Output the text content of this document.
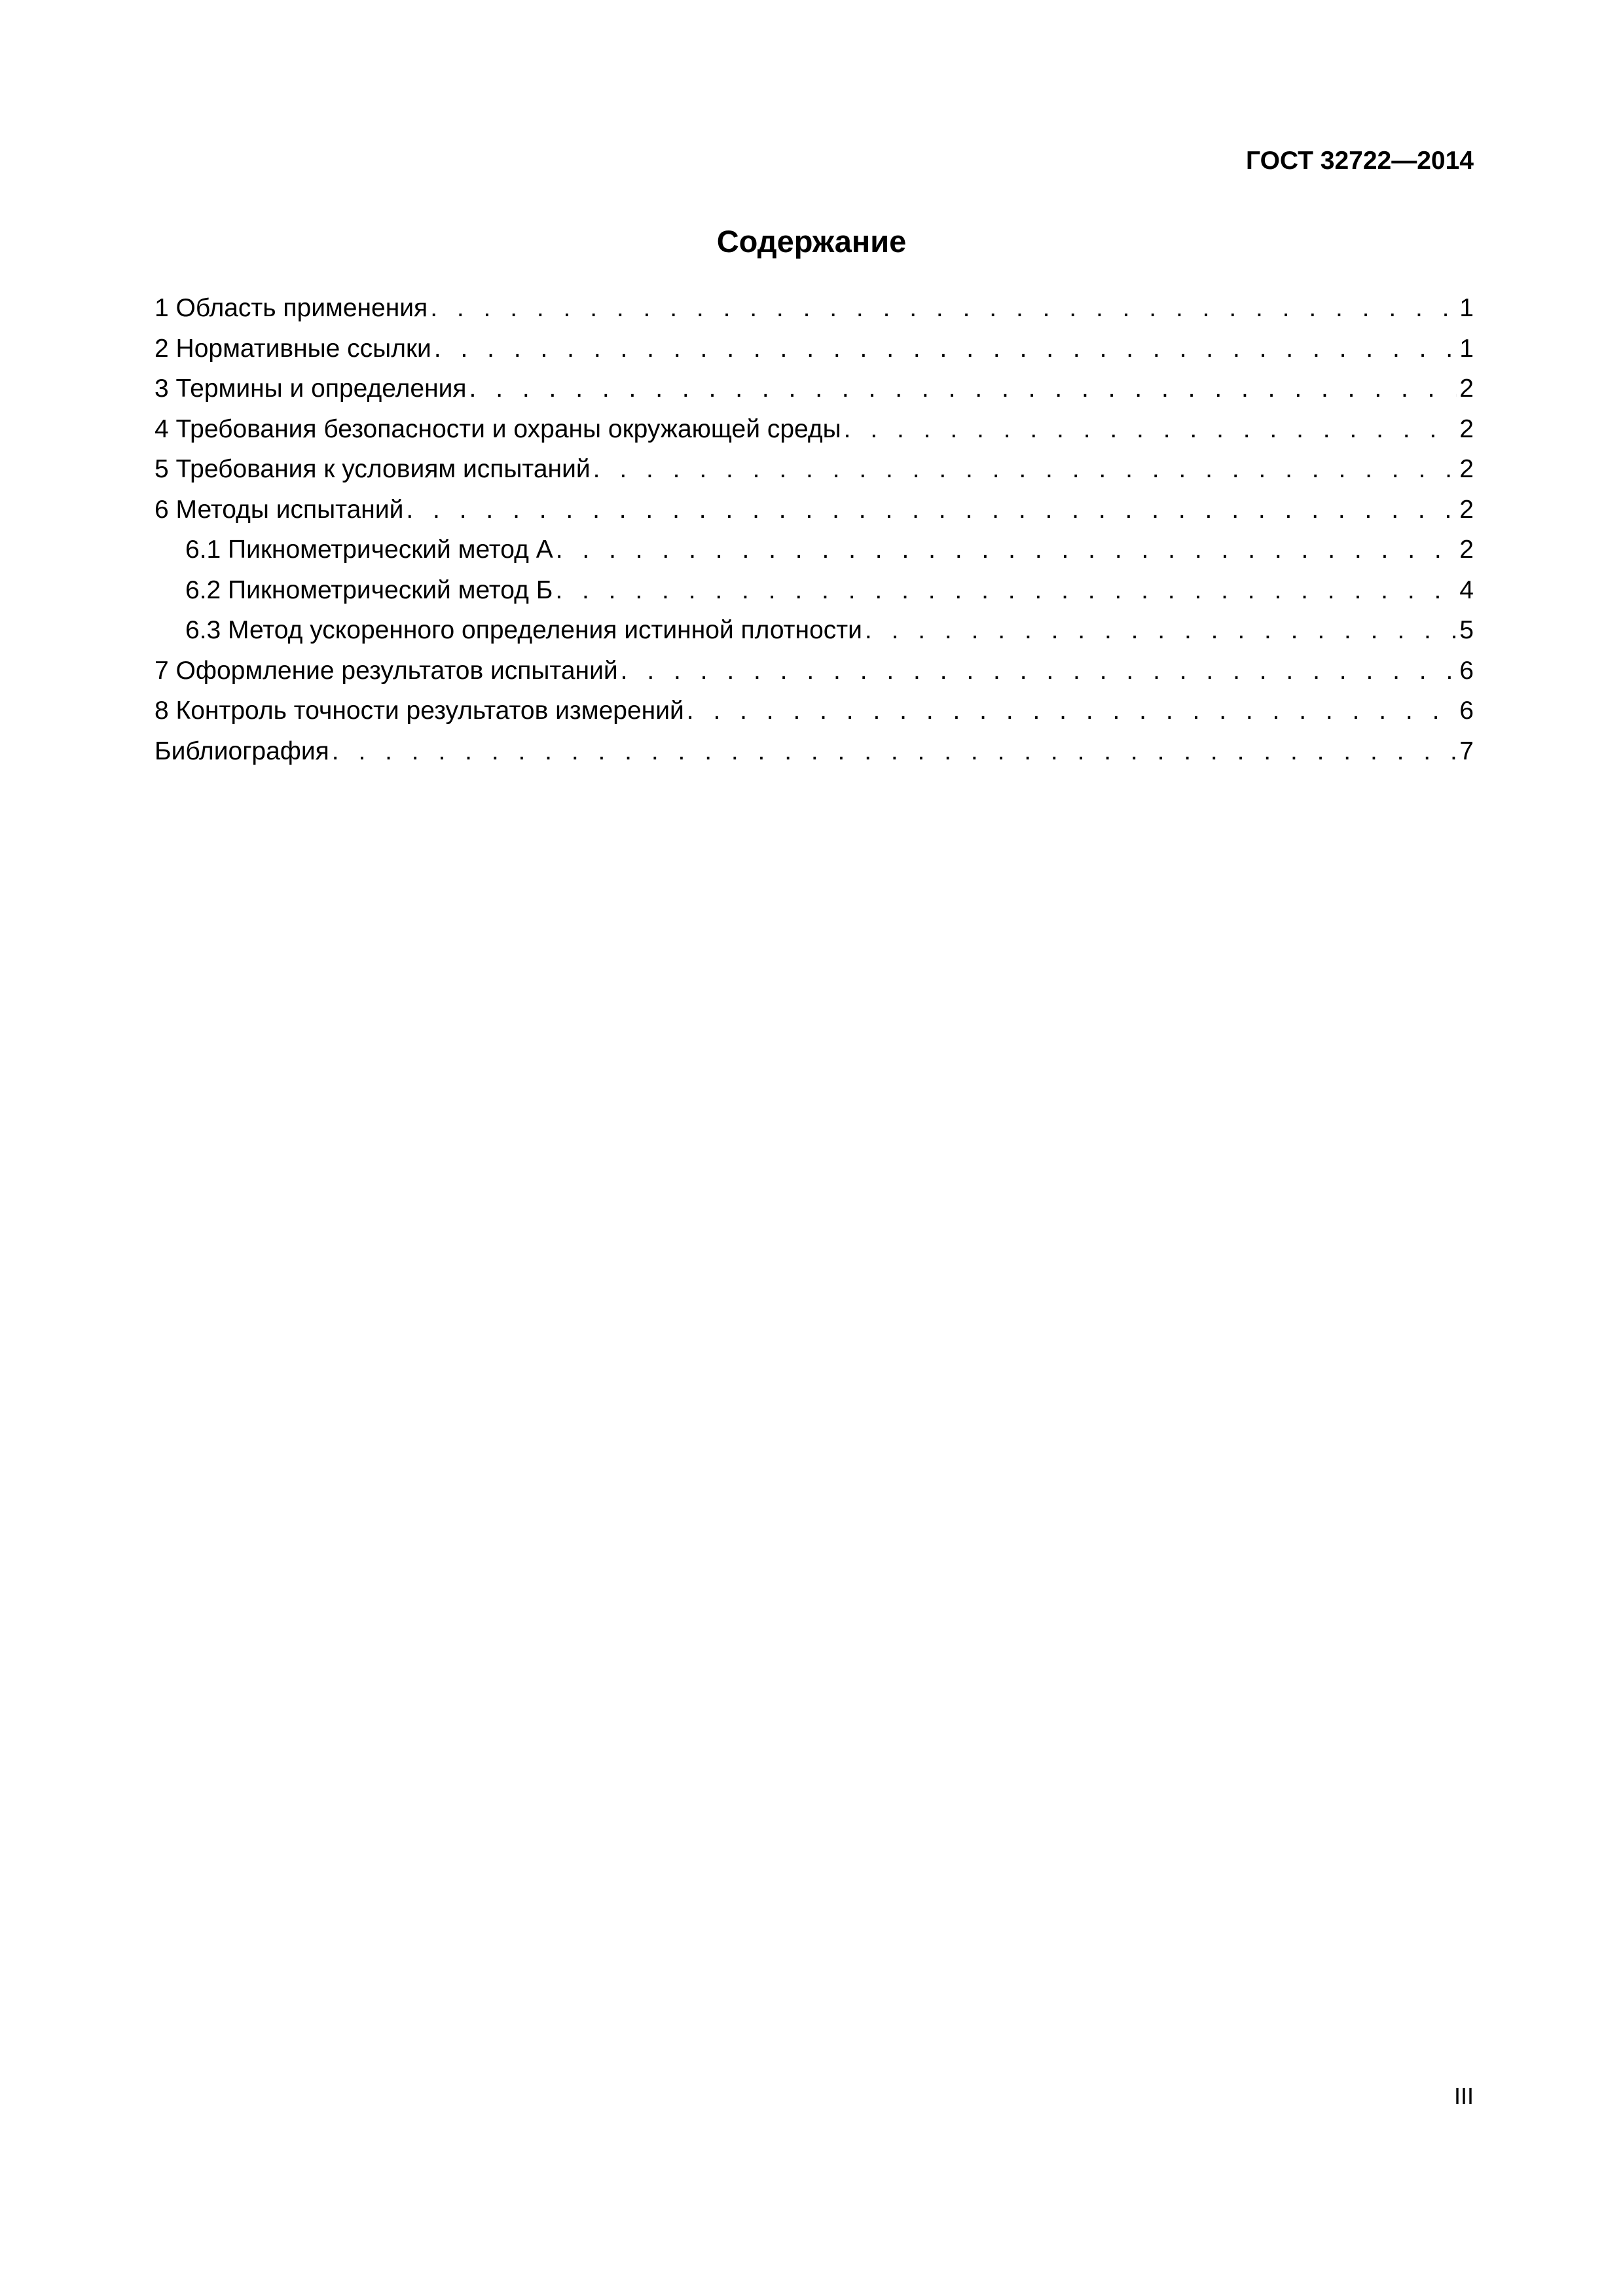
ГОСТ 32722—2014
Содержание
1 Область применения . . .	1
2 Нормативные ссылки . . .	1
3 Термины и определения . . .	2
4 Требования безопасности и охраны окружающей среды . . .	2
5 Требования к условиям испытаний . . .	2
6 Методы испытаний . . .	2
6.1 Пикнометрический метод А . . .	2
6.2 Пикнометрический метод Б . . .	4
6.3 Метод ускоренного определения истинной плотности . . .	5
7 Оформление результатов испытаний . . .	6
8 Контроль точности результатов измерений . . .	6
Библиография . . .	7
III
